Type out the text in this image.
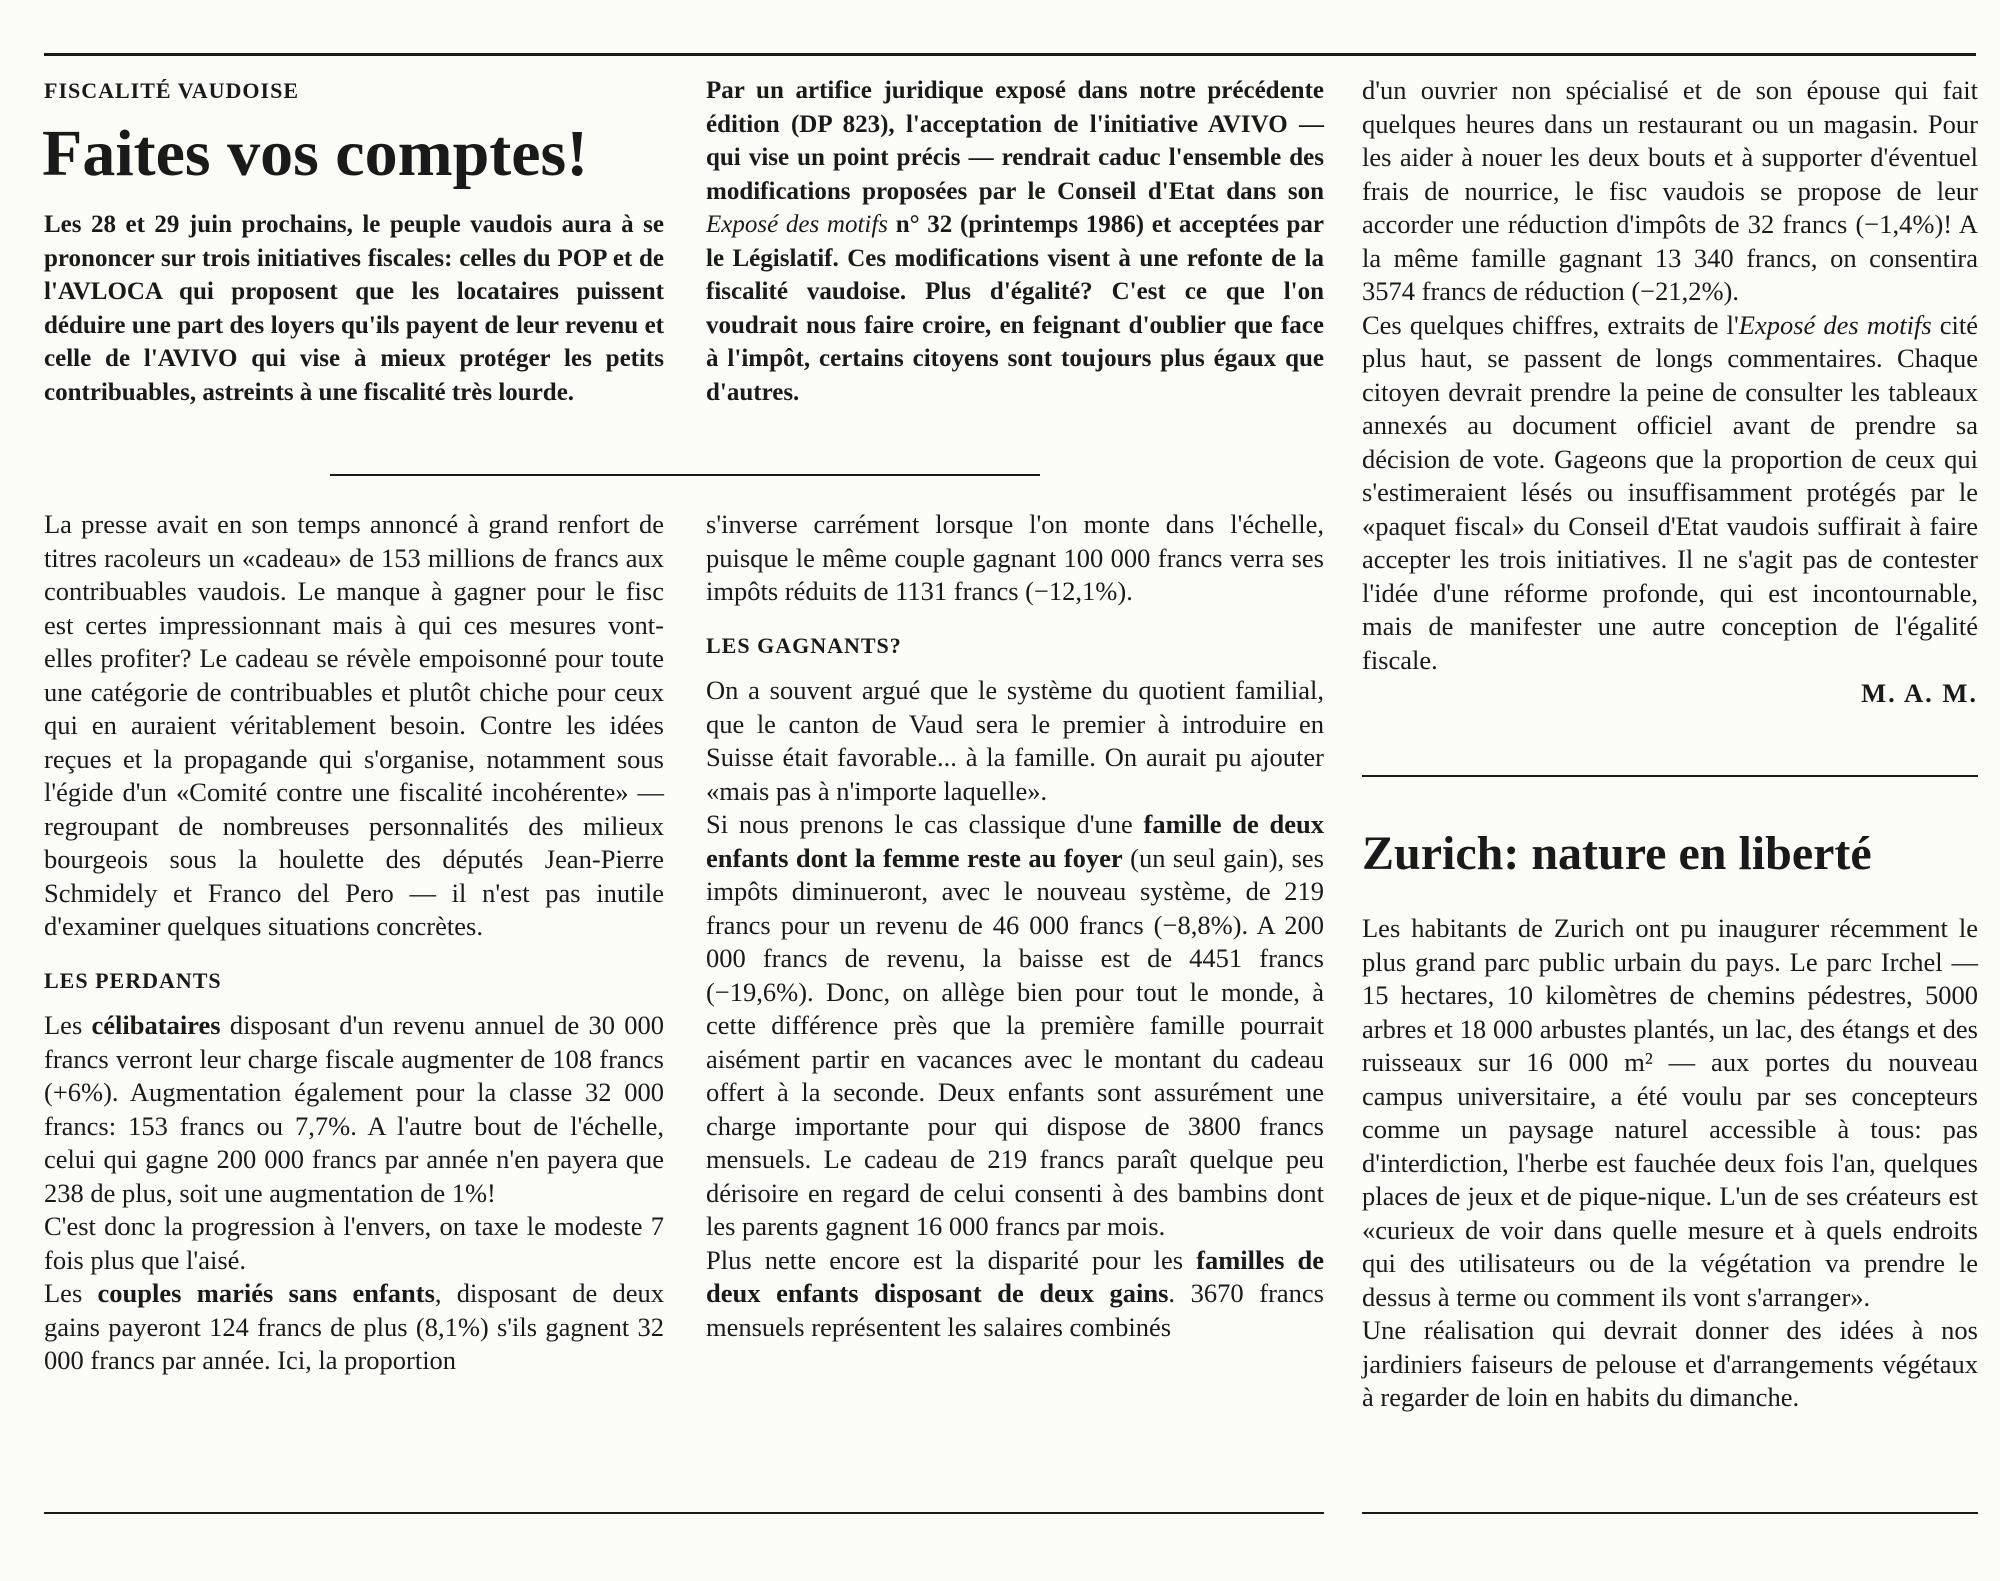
FISCALITÉ VAUDOISE
Faites vos comptes!

Les 28 et 29 juin prochains, le peuple vaudois aura à se prononcer sur trois initiatives fiscales: celles du POP et de l'AVLOCA qui proposent que les locataires puissent déduire une part des loyers qu'ils payent de leur revenu et celle de l'AVIVO qui vise à mieux protéger les petits contribuables, astreints à une fiscalité très lourde.

Par un artifice juridique exposé dans notre précédente édition (DP 823), l'acceptation de l'initiative AVIVO — qui vise un point précis — rendrait caduc l'ensemble des modifications proposées par le Conseil d'Etat dans son Exposé des motifs n° 32 (printemps 1986) et acceptées par le Législatif. Ces modifications visent à une refonte de la fiscalité vaudoise. Plus d'égalité? C'est ce que l'on voudrait nous faire croire, en feignant d'oublier que face à l'impôt, certains citoyens sont toujours plus égaux que d'autres.

La presse avait en son temps annoncé à grand renfort de titres racoleurs un «cadeau» de 153 millions de francs aux contribuables vaudois. Le manque à gagner pour le fisc est certes impressionnant mais à qui ces mesures vont-elles profiter? Le cadeau se révèle empoisonné pour toute une catégorie de contribuables et plutôt chiche pour ceux qui en auraient véritablement besoin. Contre les idées reçues et la propagande qui s'organise, notamment sous l'égide d'un «Comité contre une fiscalité incohérente» — regroupant de nombreuses personnalités des milieux bourgeois sous la houlette des députés Jean-Pierre Schmidely et Franco del Pero — il n'est pas inutile d'examiner quelques situations concrètes.

LES PERDANTS

Les célibataires disposant d'un revenu annuel de 30 000 francs verront leur charge fiscale augmenter de 108 francs (+6%). Augmentation également pour la classe 32 000 francs: 153 francs ou 7,7%. A l'autre bout de l'échelle, celui qui gagne 200 000 francs par année n'en payera que 238 de plus, soit une augmentation de 1%!

C'est donc la progression à l'envers, on taxe le modeste 7 fois plus que l'aisé.

Les couples mariés sans enfants, disposant de deux gains payeront 124 francs de plus (8,1%) s'ils gagnent 32 000 francs par année. Ici, la proportion

s'inverse carrément lorsque l'on monte dans l'échelle, puisque le même couple gagnant 100 000 francs verra ses impôts réduits de 1131 francs (−12,1%).

LES GAGNANTS?

On a souvent argué que le système du quotient familial, que le canton de Vaud sera le premier à introduire en Suisse était favorable... à la famille. On aurait pu ajouter «mais pas à n'importe laquelle».

Si nous prenons le cas classique d'une famille de deux enfants dont la femme reste au foyer (un seul gain), ses impôts diminueront, avec le nouveau système, de 219 francs pour un revenu de 46 000 francs (−8,8%). A 200 000 francs de revenu, la baisse est de 4451 francs (−19,6%). Donc, on allège bien pour tout le monde, à cette différence près que la première famille pourrait aisément partir en vacances avec le montant du cadeau offert à la seconde. Deux enfants sont assurément une charge importante pour qui dispose de 3800 francs mensuels. Le cadeau de 219 francs paraît quelque peu dérisoire en regard de celui consenti à des bambins dont les parents gagnent 16 000 francs par mois.

Plus nette encore est la disparité pour les familles de deux enfants disposant de deux gains. 3670 francs mensuels représentent les salaires combinés

d'un ouvrier non spécialisé et de son épouse qui fait quelques heures dans un restaurant ou un magasin. Pour les aider à nouer les deux bouts et à supporter d'éventuel frais de nourrice, le fisc vaudois se propose de leur accorder une réduction d'impôts de 32 francs (−1,4%)! A la même famille gagnant 13 340 francs, on consentira 3574 francs de réduction (−21,2%).

Ces quelques chiffres, extraits de l'Exposé des motifs cité plus haut, se passent de longs commentaires. Chaque citoyen devrait prendre la peine de consulter les tableaux annexés au document officiel avant de prendre sa décision de vote. Gageons que la proportion de ceux qui s'estimeraient lésés ou insuffisamment protégés par le «paquet fiscal» du Conseil d'Etat vaudois suffirait à faire accepter les trois initiatives. Il ne s'agit pas de contester l'idée d'une réforme profonde, qui est incontournable, mais de manifester une autre conception de l'égalité fiscale.

M. A. M.
Zurich: nature en liberté

Les habitants de Zurich ont pu inaugurer récemment le plus grand parc public urbain du pays. Le parc Irchel — 15 hectares, 10 kilomètres de chemins pédestres, 5000 arbres et 18 000 arbustes plantés, un lac, des étangs et des ruisseaux sur 16 000 m² — aux portes du nouveau campus universitaire, a été voulu par ses concepteurs comme un paysage naturel accessible à tous: pas d'interdiction, l'herbe est fauchée deux fois l'an, quelques places de jeux et de pique-nique. L'un de ses créateurs est «curieux de voir dans quelle mesure et à quels endroits qui des utilisateurs ou de la végétation va prendre le dessus à terme ou comment ils vont s'arranger».

Une réalisation qui devrait donner des idées à nos jardiniers faiseurs de pelouse et d'arrangements végétaux à regarder de loin en habits du dimanche.
